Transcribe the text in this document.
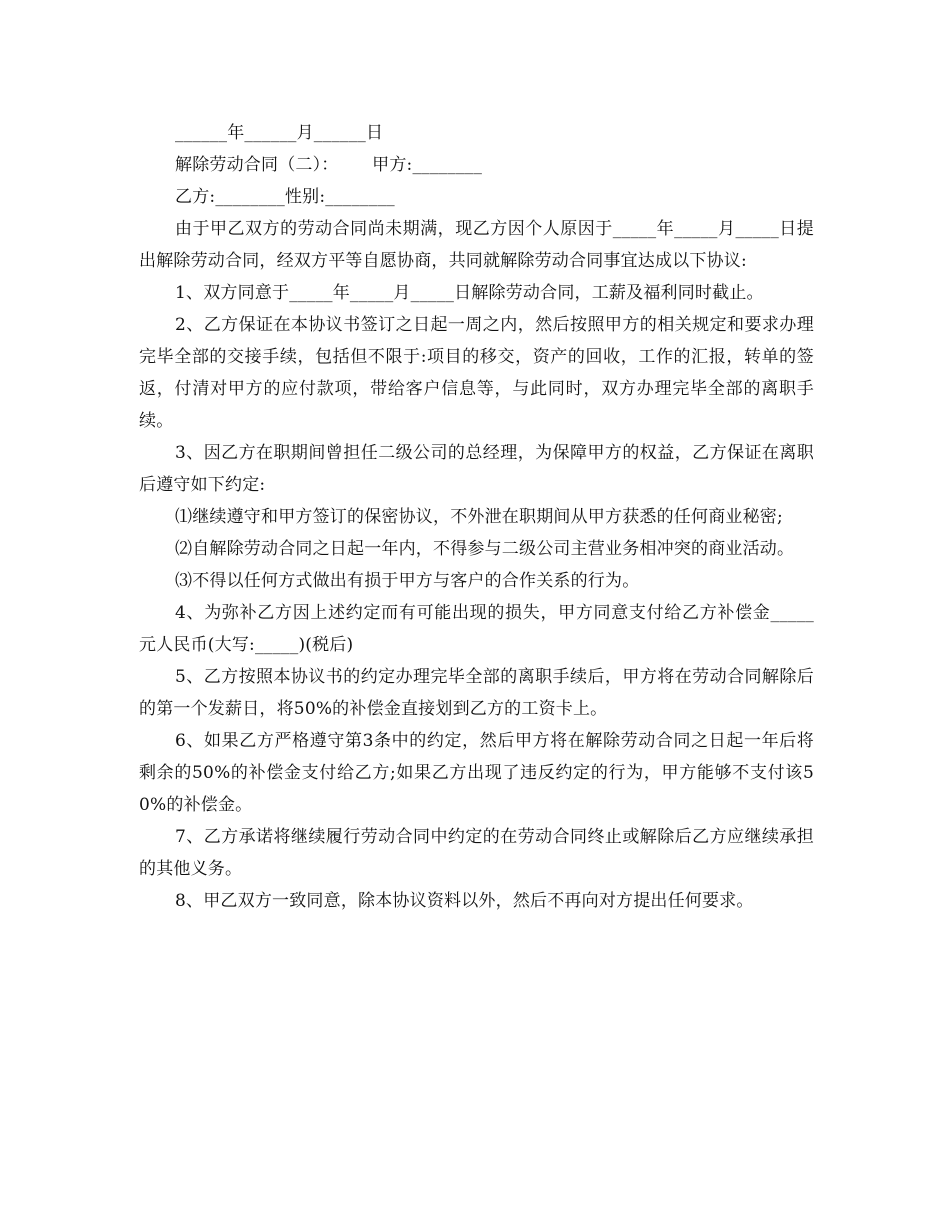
______年______月______日

解除劳动合同（二）：      甲方:________

乙方:________性别:________

由于甲乙双方的劳动合同尚未期满，现乙方因个人原因于_____年_____月_____日提出解除劳动合同，经双方平等自愿协商，共同就解除劳动合同事宜达成以下协议:

1、双方同意于_____年_____月_____日解除劳动合同，工薪及福利同时截止。

2、乙方保证在本协议书签订之日起一周之内，然后按照甲方的相关规定和要求办理完毕全部的交接手续，包括但不限于:项目的移交，资产的回收，工作的汇报，转单的签返，付清对甲方的应付款项，带给客户信息等，与此同时，双方办理完毕全部的离职手续。

3、因乙方在职期间曾担任二级公司的总经理，为保障甲方的权益，乙方保证在离职后遵守如下约定:

⑴继续遵守和甲方签订的保密协议，不外泄在职期间从甲方获悉的任何商业秘密;

⑵自解除劳动合同之日起一年内，不得参与二级公司主营业务相冲突的商业活动。

⑶不得以任何方式做出有损于甲方与客户的合作关系的行为。

4、为弥补乙方因上述约定而有可能出现的损失，甲方同意支付给乙方补偿金_____元人民币(大写:_____)(税后)

5、乙方按照本协议书的约定办理完毕全部的离职手续后，甲方将在劳动合同解除后的第一个发薪日，将50%的补偿金直接划到乙方的工资卡上。

6、如果乙方严格遵守第3条中的约定，然后甲方将在解除劳动合同之日起一年后将剩余的50%的补偿金支付给乙方;如果乙方出现了违反约定的行为，甲方能够不支付该50%的补偿金。

7、乙方承诺将继续履行劳动合同中约定的在劳动合同终止或解除后乙方应继续承担的其他义务。

8、甲乙双方一致同意，除本协议资料以外，然后不再向对方提出任何要求。
